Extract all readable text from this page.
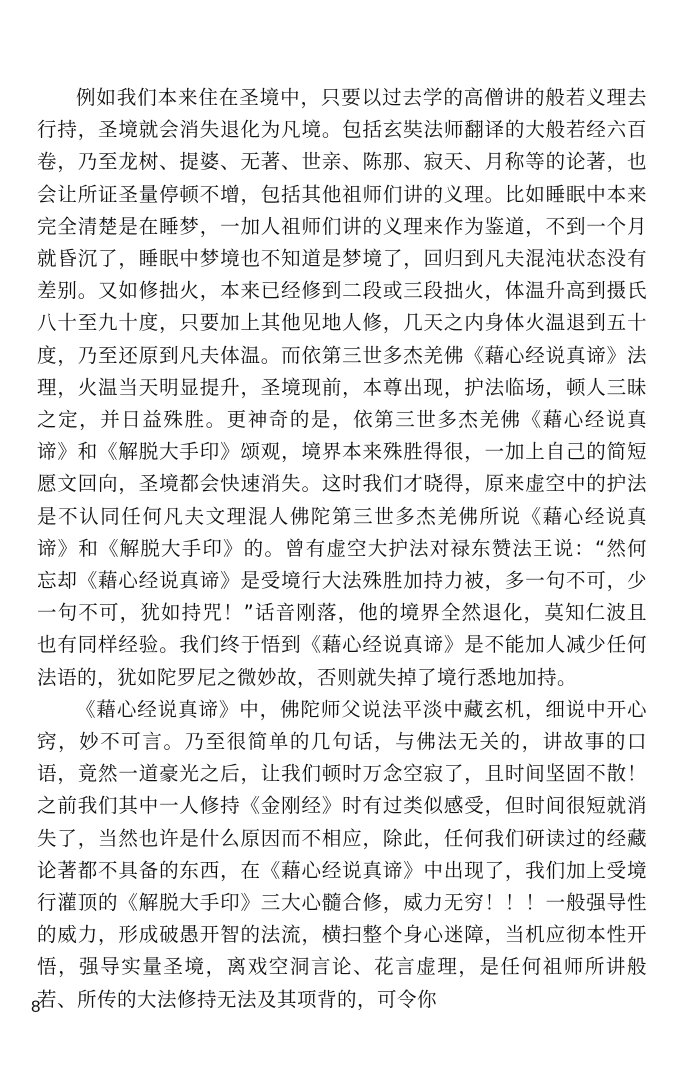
例如我们本来住在圣境中，只要以过去学的高僧讲的般若义理去行持，圣境就会消失退化为凡境。包括玄奘法师翻译的大般若经六百卷，乃至龙树、提婆、无著、世亲、陈那、寂天、月称等的论著，也会让所证圣量停顿不增，包括其他祖师们讲的义理。比如睡眠中本来完全清楚是在睡梦，一加人祖师们讲的义理来作为鉴道，不到一个月就昏沉了，睡眠中梦境也不知道是梦境了，回归到凡夫混沌状态没有差别。又如修拙火，本来已经修到二段或三段拙火，体温升高到摄氏八十至九十度，只要加上其他见地人修，几天之内身体火温退到五十度，乃至还原到凡夫体温。而依第三世多杰羌佛《藉心经说真谛》法理，火温当天明显提升，圣境现前，本尊出现，护法临场，顿人三昧之定，并日益殊胜。更神奇的是，依第三世多杰羌佛《藉心经说真谛》和《解脱大手印》颂观，境界本来殊胜得很，一加上自己的简短愿文回向，圣境都会快速消失。这时我们才晓得，原来虚空中的护法是不认同任何凡夫文理混人佛陀第三世多杰羌佛所说《藉心经说真谛》和《解脱大手印》的。曾有虚空大护法对禄东赞法王说：“然何忘却《藉心经说真谛》是受境行大法殊胜加持力被，多一句不可，少一句不可，犹如持咒！”话音刚落，他的境界全然退化，莫知仁波且也有同样经验。我们终于悟到《藉心经说真谛》是不能加人减少任何法语的，犹如陀罗尼之微妙故，否则就失掉了境行悉地加持。

《藉心经说真谛》中，佛陀师父说法平淡中藏玄机，细说中开心窍，妙不可言。乃至很简单的几句话，与佛法无关的，讲故事的口语，竟然一道豪光之后，让我们顿时万念空寂了，且时间坚固不散！之前我们其中一人修持《金刚经》时有过类似感受，但时间很短就消失了，当然也许是什么原因而不相应，除此，任何我们研读过的经藏论著都不具备的东西，在《藉心经说真谛》中出现了，我们加上受境行灌顶的《解脱大手印》三大心髓合修，威力无穷！！！一般强导性的威力，形成破愚开智的法流，横扫整个身心迷障，当机应彻本性开悟，强导实量圣境，离戏空洞言论、花言虚理，是任何祖师所讲般若、所传的大法修持无法及其项背的，可令你

8
